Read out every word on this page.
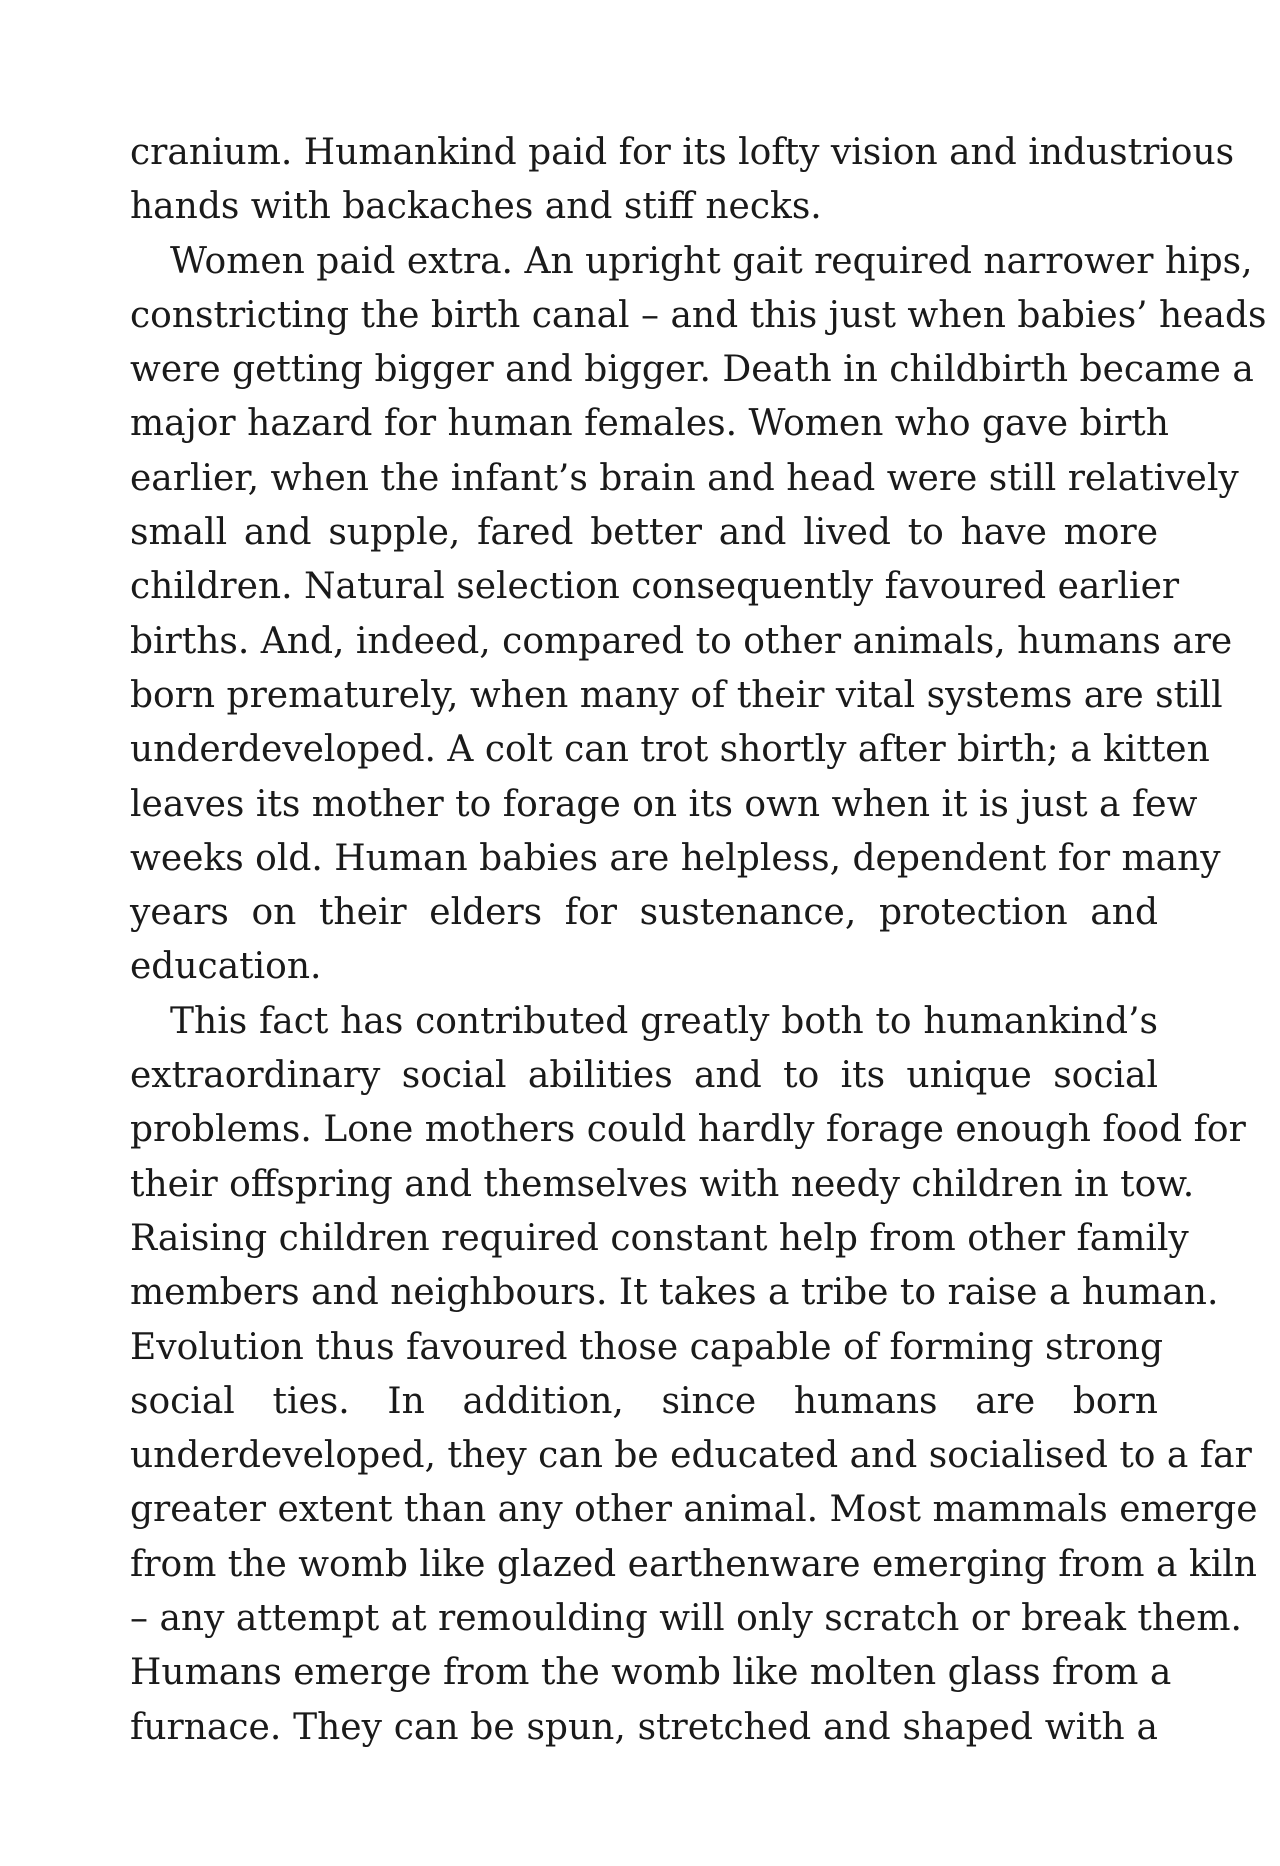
cranium. Humankind paid for its lofty vision and industrious
hands with backaches and stiff necks.
Women paid extra. An upright gait required narrower hips,
constricting the birth canal – and this just when babies’ heads
were getting bigger and bigger. Death in childbirth became a
major hazard for human females. Women who gave birth
earlier, when the infant’s brain and head were still relatively
small and supple, fared better and lived to have more
children. Natural selection consequently favoured earlier
births. And, indeed, compared to other animals, humans are
born prematurely, when many of their vital systems are still
underdeveloped. A colt can trot shortly after birth; a kitten
leaves its mother to forage on its own when it is just a few
weeks old. Human babies are helpless, dependent for many
years on their elders for sustenance, protection and
education.
This fact has contributed greatly both to humankind’s
extraordinary social abilities and to its unique social
problems. Lone mothers could hardly forage enough food for
their offspring and themselves with needy children in tow.
Raising children required constant help from other family
members and neighbours. It takes a tribe to raise a human.
Evolution thus favoured those capable of forming strong
social ties. In addition, since humans are born
underdeveloped, they can be educated and socialised to a far
greater extent than any other animal. Most mammals emerge
from the womb like glazed earthenware emerging from a kiln
– any attempt at remoulding will only scratch or break them.
Humans emerge from the womb like molten glass from a
furnace. They can be spun, stretched and shaped with a
